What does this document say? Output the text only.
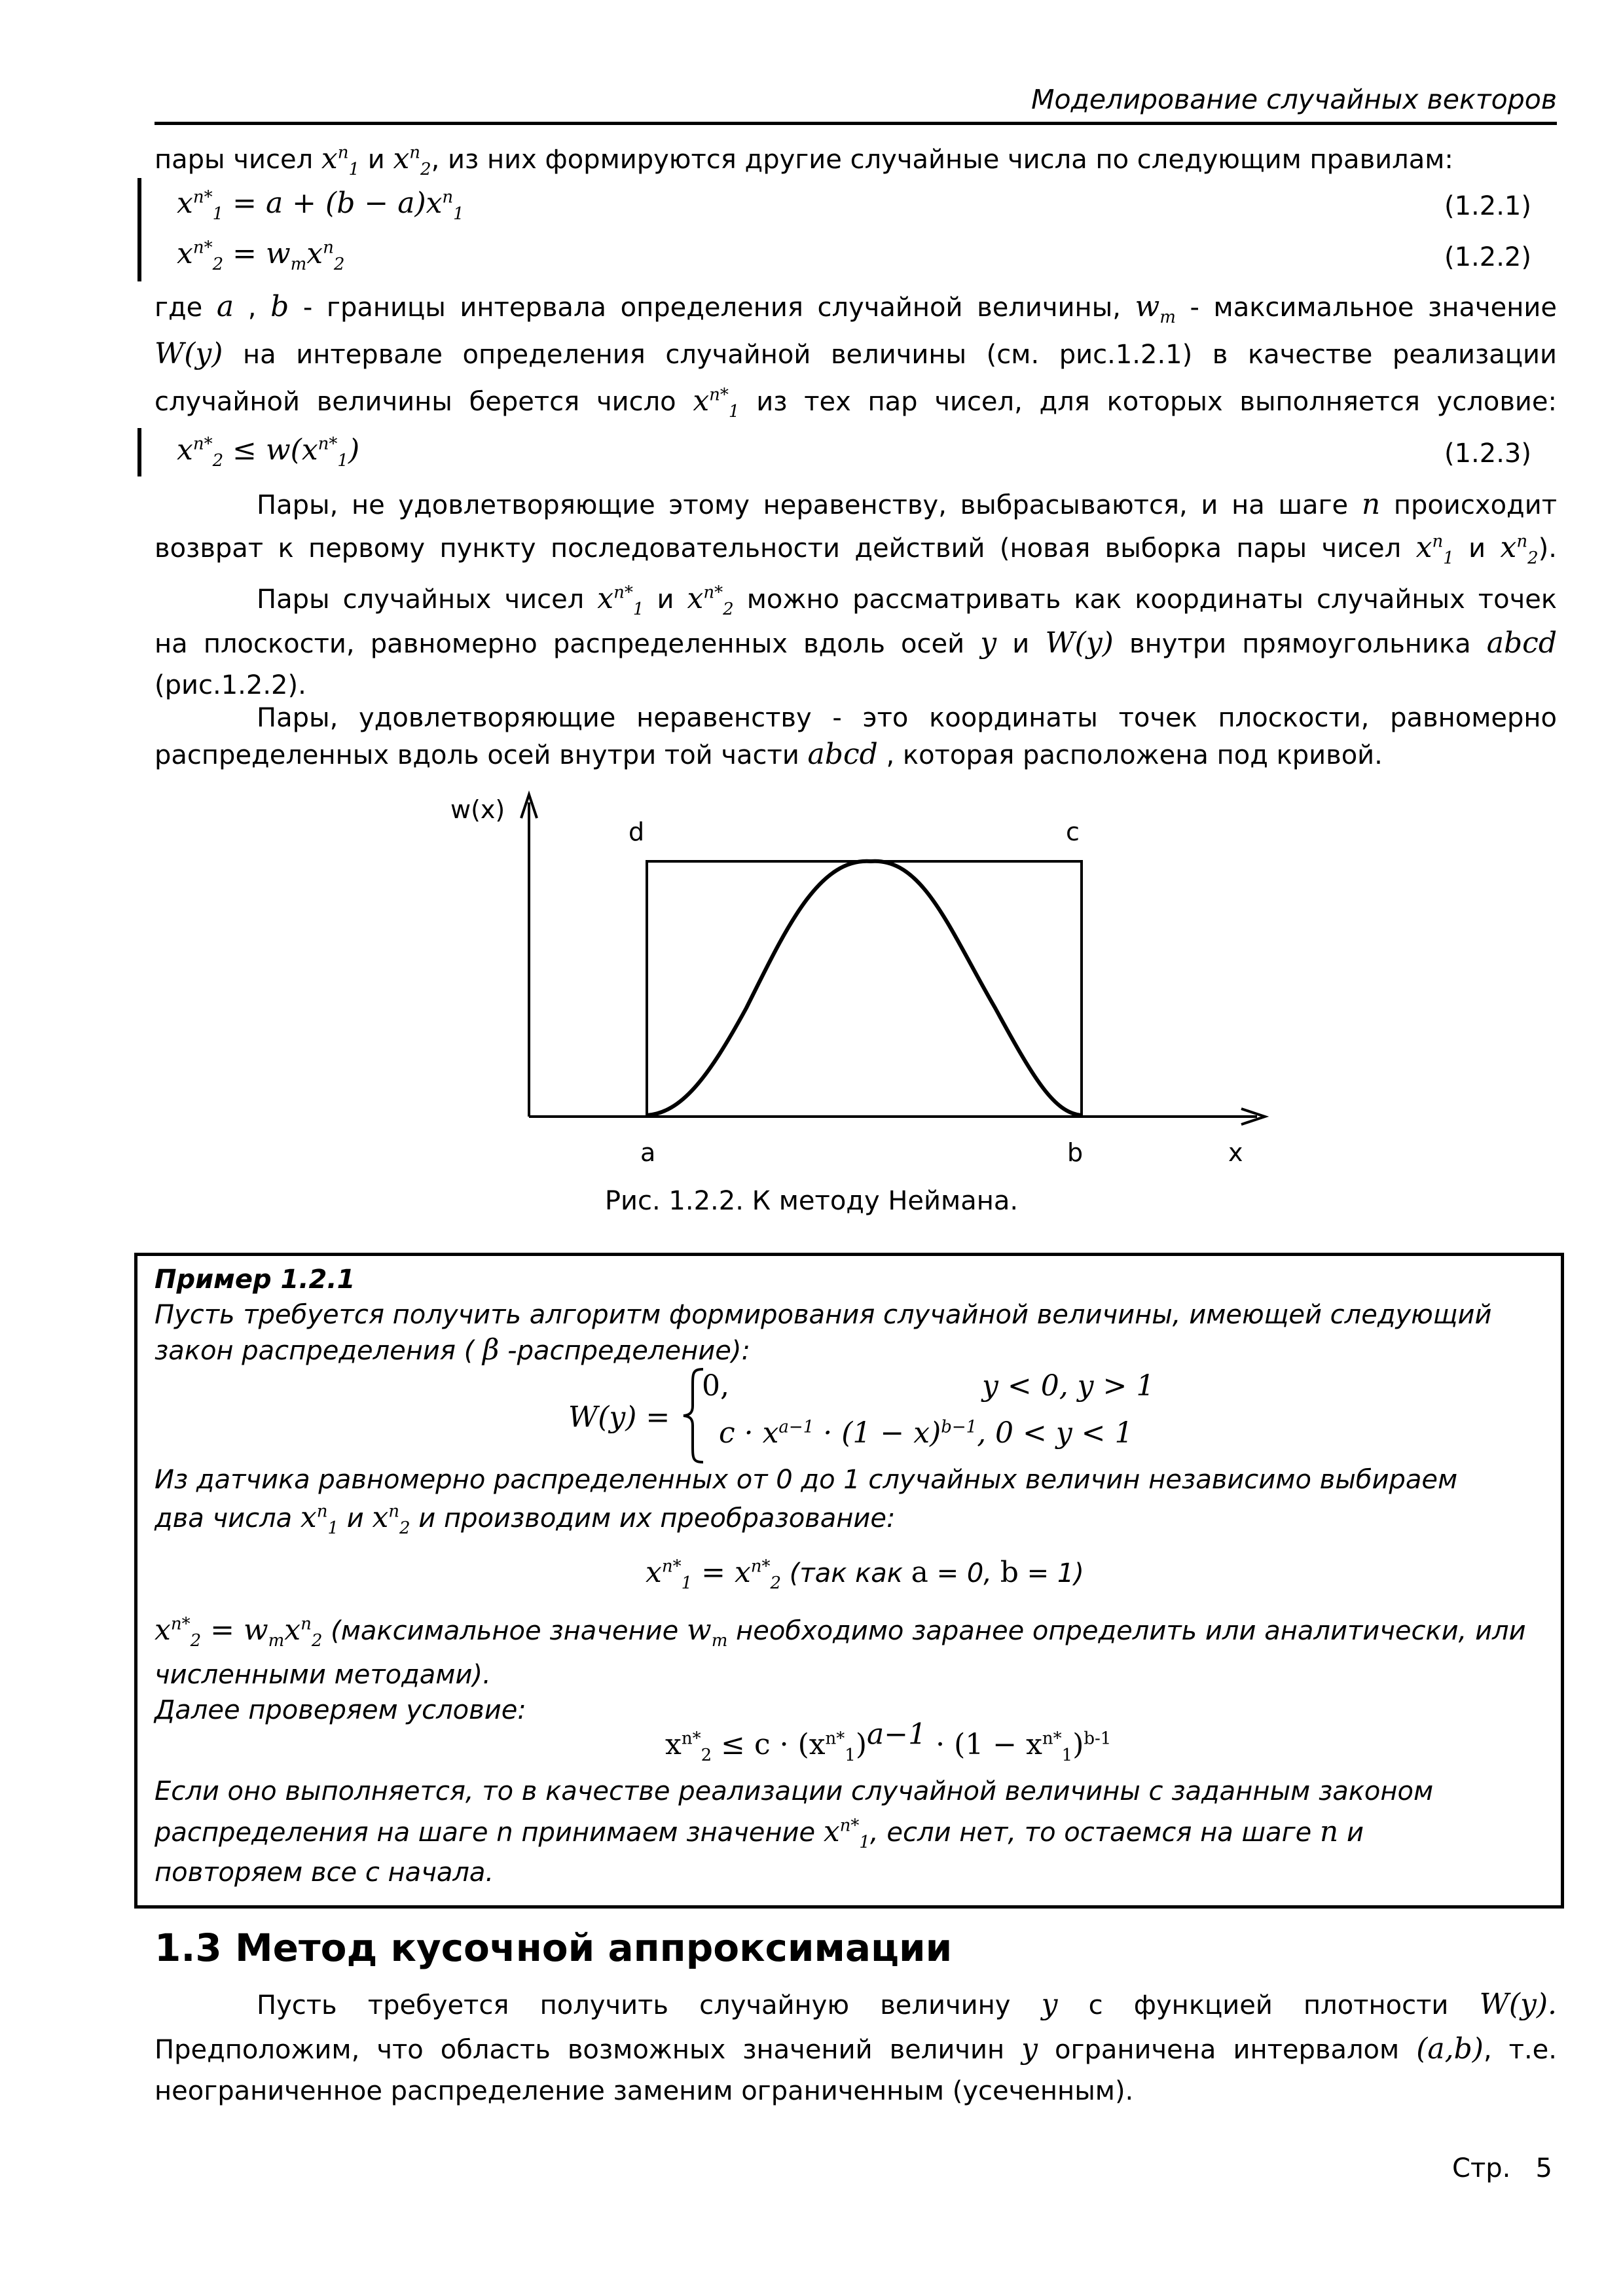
Моделирование случайных векторов
пары чисел $x^n_1$ и $x^n_2$, из них формируются другие случайные числа по следующим правилам:
$x^{n*}_1 = a + (b - a)x^n_1$	(1.2.1)
$x^{n*}_2 = w_mx^n_2$	(1.2.2)
где a , b - границы интервала определения случайной величины, $w_m$ - максимальное значение
W(y) на интервале определения случайной величины (см. рис.1.2.1) в качестве реализации
случайной величины берется число $x^{n*}_1$ из тех пар чисел, для которых выполняется условие:
$x^{n*}_2 \le w(x^{n*}_1)$	(1.2.3)
Пары, не удовлетворяющие этому неравенству, выбрасываются, и на шаге n происходит
возврат к первому пункту последовательности действий (новая выборка пары чисел $x^n_1$ и $x^n_2$).
Пары случайных чисел $x^{n*}_1$ и $x^{n*}_2$ можно рассматривать как координаты случайных точек
на плоскости, равномерно распределенных вдоль осей y и W(y) внутри прямоугольника abcd
(рис.1.2.2).
Пары, удовлетворяющие неравенству - это координаты точек плоскости, равномерно
распределенных вдоль осей внутри той части abcd , которая расположена под кривой.
w(x)
d	c
a	b	x
Рис. 1.2.2. К методу Неймана.
Пример 1.2.1
Пусть требуется получить алгоритм формирования случайной величины, имеющей следующий
закон распределения ( β -распределение):
W(y) =
0,	y < 0, y > 1
$c \cdot x^{a-1} \cdot (1 - x)^{b-1}$, 0 < y < 1
Из датчика равномерно распределенных от 0 до 1 случайных величин независимо выбираем
два числа $x^n_1$ и $x^n_2$ и производим их преобразование:
$x^{n*}_1 = x^{n*}_2$ (так как a = 0, b = 1)
$x^{n*}_2 = w_mx^n_2$ (максимальное значение $w_m$ необходимо заранее определить или аналитически, или
численными методами).
Далее проверяем условие:
$x^{n*}_2 \le c \cdot (x^{n*}_1)^{a-1} \cdot (1 - x^{n*}_1)^{b-1}$
Если оно выполняется, то в качестве реализации случайной величины с заданным законом
распределения на шаге n принимаем значение $x^{n*}_1$, если нет, то остаемся на шаге n и
повторяем все с начала.
1.3 Метод кусочной аппроксимации
Пусть требуется получить случайную величину y с функцией плотности W(y).
Предположим, что область возможных значений величин y ограничена интервалом (a,b), т.е.
неограниченное распределение заменим ограниченным (усеченным).
Стр. 5
